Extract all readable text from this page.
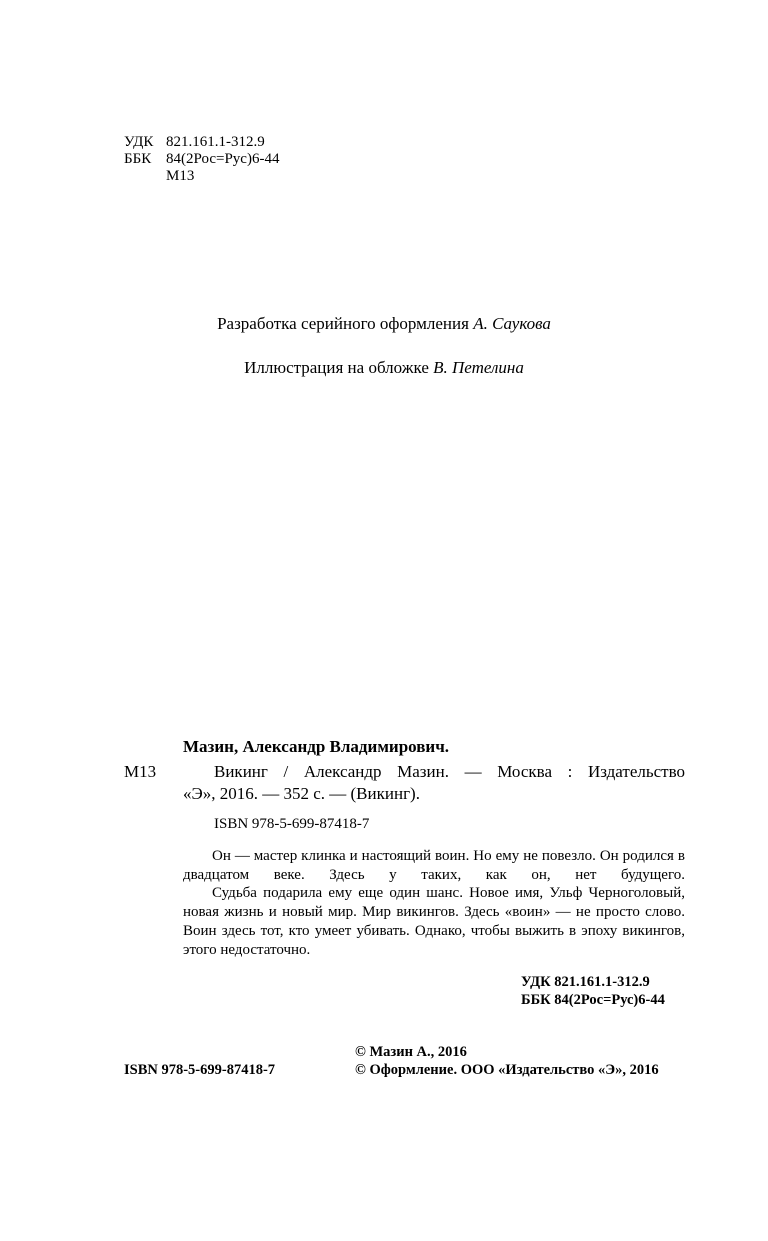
УДК 821.161.1-312.9
ББК 84(2Рос=Рус)6-44
М13
Разработка серийного оформления А. Саукова
Иллюстрация на обложке В. Петелина
Мазин, Александр Владимирович.
М13	Викинг / Александр Мазин. — Москва : Издательство
«Э», 2016. — 352 с. — (Викинг).
ISBN 978-5-699-87418-7

Он — мастер клинка и настоящий воин. Но ему не повезло. Он родился в двадцатом веке. Здесь у таких, как он, нет будущего.

Судьба подарила ему еще один шанс. Новое имя, Ульф Черноголовый, новая жизнь и новый мир. Мир викингов. Здесь «воин» — не просто слово. Воин здесь тот, кто умеет убивать. Однако, чтобы выжить в эпоху викингов, этого недостаточно.

УДК 821.161.1-312.9
ББК 84(2Рос=Рус)6-44
© Мазин А., 2016
ISBN 978-5-699-87418-7	© Оформление. ООО «Издательство «Э», 2016
